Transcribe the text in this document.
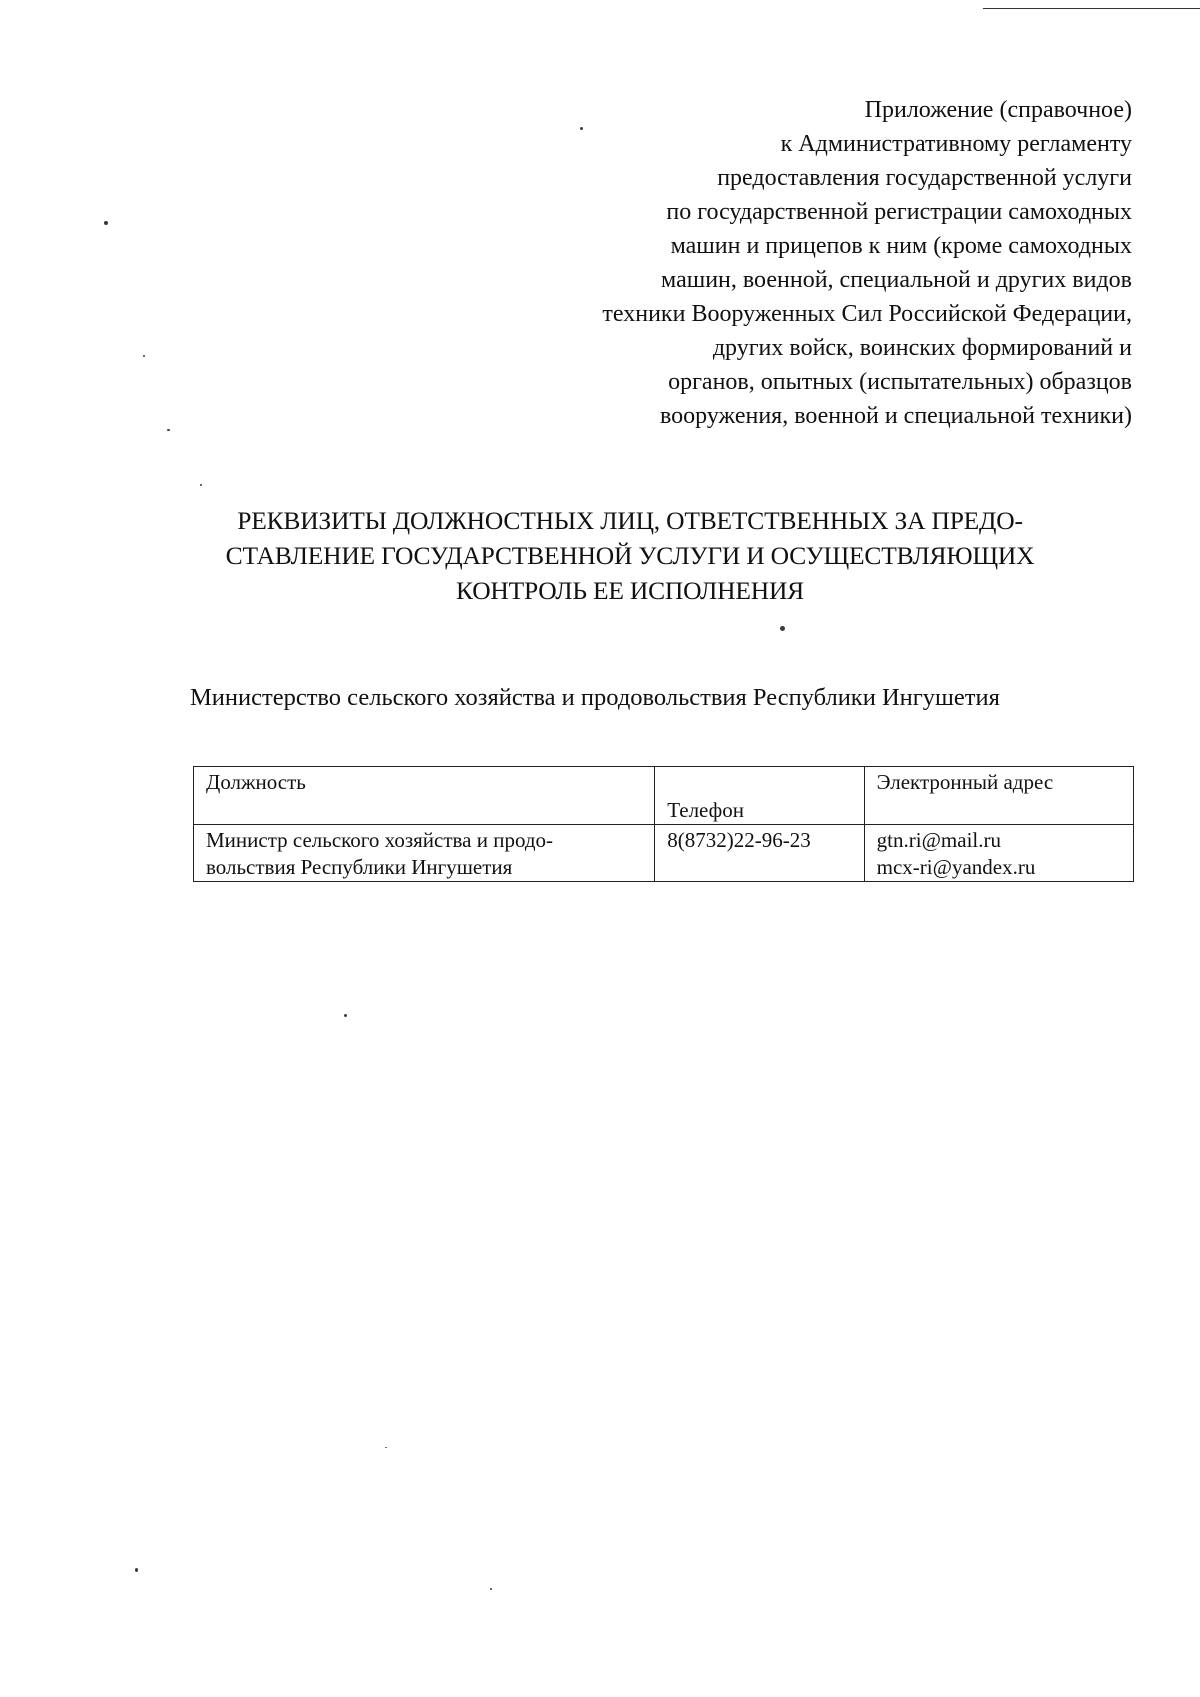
Приложение (справочное)
к Административному регламенту
предоставления государственной услуги
по государственной регистрации самоходных
машин и прицепов к ним (кроме самоходных
машин, военной, специальной и других видов
техники Вооруженных Сил Российской Федерации,
других войск, воинских формирований и
органов, опытных (испытательных) образцов
вооружения, военной и специальной техники)
РЕКВИЗИТЫ ДОЛЖНОСТНЫХ ЛИЦ, ОТВЕТСТВЕННЫХ ЗА ПРЕДО-
СТАВЛЕНИЕ ГОСУДАРСТВЕННОЙ УСЛУГИ И ОСУЩЕСТВЛЯЮЩИХ
КОНТРОЛЬ ЕЕ ИСПОЛНЕНИЯ
Министерство сельского хозяйства и продовольствия Республики Ингушетия
Должность	Телефон	Электронный адрес

Министр сельского хозяйства и продо-
вольствия Республики Ингушетия	8(8732)22-96-23	gtn.ri@mail.ru
mcx-ri@yandex.ru
